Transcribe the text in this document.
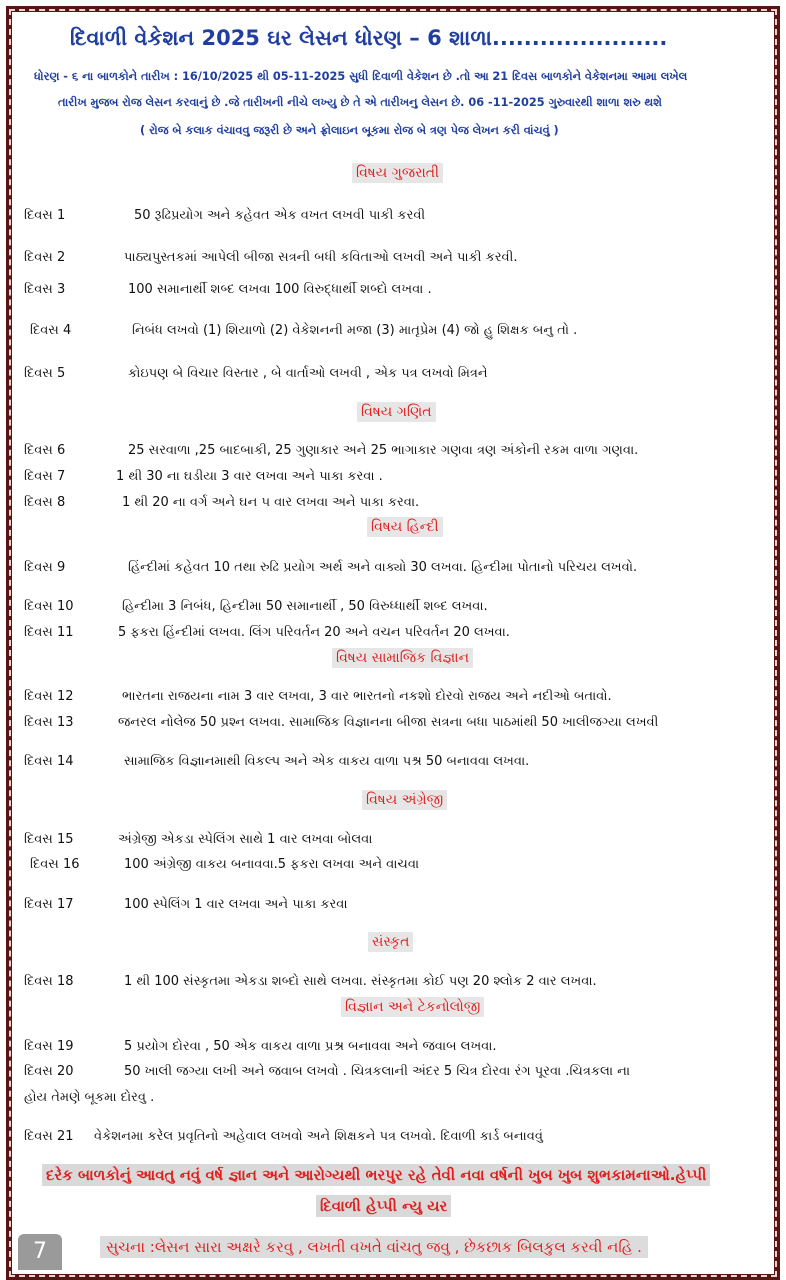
દિવાળી વેકેશન 2025 ઘર લેસન ધોરણ – 6 શાળા......................
ધોરણ - ૬ ના બાળકોને તારીખ : 16/10/2025 થી 05-11-2025 સુધી દિવાળી વેકેશન છે .તો આ 21 દિવસ બાળકોને વેકેશનમા આમા લખેલ
તારીખ મુજબ રોજ લેસન કરવાનું છે .જે તારીખની નીચે લખ્યુ છે તે એ તારીખનુ લેસન છે. 06 -11-2025 ગુરુવારથી શાળા શરુ થશે
( રોજ બે કલાક વંચાવવુ જરૂરી છે અને ફ્રોલાઇન બૂકમા રોજ બે ત્રણ પેજ લેખન કરી વાંચવું )
વિષય ગુજરાતી
દિવસ 1	50 રૂઢિપ્રયોગ અને કહેવત એક વખત લખવી પાકી કરવી
દિવસ 2	પાઠ્યપુસ્તકમાં આપેલી બીજા સત્રની બધી કવિતાઓ લખવી અને પાકી કરવી.
દિવસ 3	100 સમાનાર્થી શબ્દ લખવા 100 વિરુદ્ધાર્થી શબ્દો લખવા .
દિવસ 4	નિબંધ લખવો (1) શિયાળો (2) વેકેશનની મજા (3) માતૃપ્રેમ (4) જો હુ શિક્ષક બનુ તો .
દિવસ 5	કોઇપણ બે વિચાર વિસ્તાર , બે વાર્તાઓ લખવી , એક પત્ર લખવો મિત્રને
વિષય ગણિત
દિવસ 6	25 સરવાળા ,25 બાદબાકી, 25 ગુણાકાર અને 25 ભાગાકાર ગણવા ત્રણ અંકોની રકમ વાળા ગણવા.
દિવસ 7	1 થી 30 ના ઘડીયા 3 વાર લખવા અને પાકા કરવા .
દિવસ 8	1 થી 20 ના વર્ગ અને ઘન ૫ વાર લખવા અને પાકા કરવા.
વિષય હિન્દી
દિવસ 9	હિંન્દીમાં કહેવત 10 તથા રુઢિ પ્રયોગ અર્થ અને વાક્યો 30 લખવા. હિન્દીમા પોતાનો પરિચય લખવો.
દિવસ 10	હિન્દીમા 3 નિબંધ, હિન્દીમા 50 સમાનાર્થી , 50 વિરુધ્ધાર્થી શબ્દ લખવા.
દિવસ 11	5 ફકરા હિંન્દીમાં લખવા. લિંગ પરિવર્તન 20 અને વચન પરિવર્તન 20 લખવા.
વિષય સામાજિક વિજ્ઞાન
દિવસ 12	ભારતના રાજયના નામ 3 વાર લખવા, 3 વાર ભારતનો નકશો દોરવો રાજય અને નદીઓ બતાવો.
દિવસ 13	જનરલ નોલેજ 50 પ્રશ્ન લખવા. સામાજિક વિજ્ઞાનના બીજા સત્રના બધા પાઠમાંથી 50 ખાલીજગ્યા લખવી
દિવસ 14	સામાજિક વિજ્ઞાનમાથી વિકલ્પ અને એક વાકય વાળા પશ્ર 50 બનાવવા લખવા.
વિષય અંગ્રેજી
દિવસ 15	અંગ્રેજી એકડા સ્પેલિંગ સાથે 1 વાર લખવા બોલવા
દિવસ 16	100 અંગ્રેજી વાકય બનાવવા.5 ફકરા લખવા અને વાચવા
દિવસ 17	100 સ્પેલિંગ 1 વાર લખવા અને પાકા કરવા
સંસ્કૃત
દિવસ 18	1 થી 100 સંસ્કૃતમા એકડા શબ્દો સાથે લખવા. સંસ્કૃતમા કોઈ પણ 20 શ્લોક 2 વાર લખવા.
વિજ્ઞાન અને ટેકનોલોજી
દિવસ 19	5 પ્રયોગ દોરવા , 50 એક વાકય વાળા પ્રશ્ર બનાવવા અને જવાબ લખવા.
દિવસ 20	50 ખાલી જગ્યા લખી અને જવાબ લખવો . ચિત્રકલાની અંદર 5 ચિત્ર દોરવા રંગ પૂરવા .ચિત્રકલા ના
હોય તેમણે બૂકમા દોરવુ .
દિવસ 21 વેકેશનમા કરેલ પ્રવૃતિનો અહેવાલ લખવો અને શિક્ષકને પત્ર લખવો. દિવાળી કાર્ડ બનાવવું
દરેક બાળકોનું આવતુ નવું વર્ષ જ્ઞાન અને આરોગ્યથી ભરપુર રહે તેવી નવા વર્ષની ખુબ ખુબ શુભકામનાઓ.હેપ્પી
દિવાળી હેપ્પી ન્યુ યર
સુચના :લેસન સારા અક્ષરે કરવુ , લખતી વખતે વાંચતુ જવુ , છેકછાક બિલકુલ કરવી નહિ .
7
